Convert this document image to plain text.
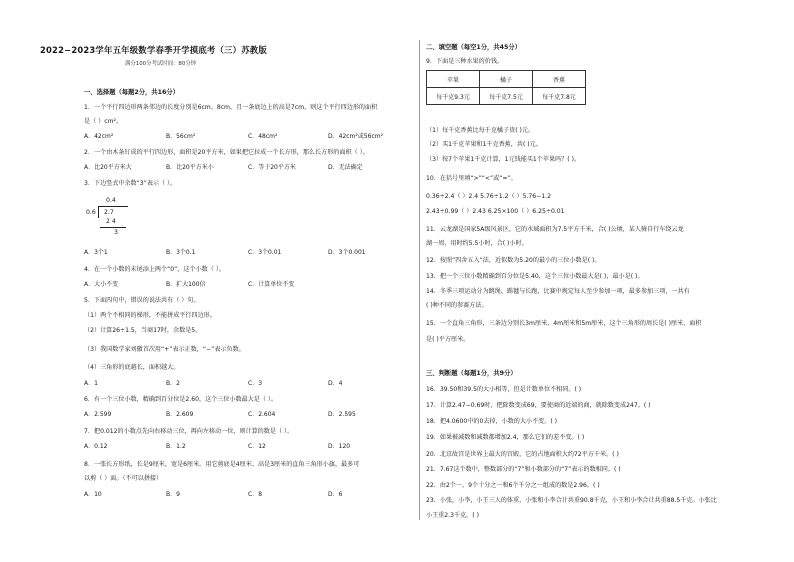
2022−2023学年五年级数学春季开学摸底考（三）苏教版
满分100分考试时间：80分钟
一、选择题（每题2分，共16分）
1．一个平行四边形两条邻边的长度分别是6cm、8cm，且一条底边上的高是7cm，则这个平行四边形的面积
是（ ）cm²。
A．42cm²	B．56cm²	C．48cm²	D．42cm²或56cm²
2．一个由木条钉成的平行四边形，面积是20平方米，如果把它拉成一个长方形，那么长方形的面积（ ）。
A．比20平方米大	B．比20平方米小	C．等于20平方米	D．无法确定
3．下边竖式中余数“3”表示（ ）。
0.4
0.6 2.7
2 4
3
A．3个1	B．3个0.1	C．3个0.01	D．3个0.001
4．在一个小数的末尾添上两个“0”，这个小数（ ）。
A．大小不变	B．扩大100倍	C．计算单位不变
5．下面四句中，错误的说法共有（ ）句。
（1）两个不相同的梯形，不能拼成平行四边形。
（2）计算26÷1.5，当商17时，余数是5。
（3）我国数学家刘徽首次用“+”表示正数，“−”表示负数。
（4）三角形的底越长，面积越大。
A．1	B．2	C．3	D．4
6．有一个三位小数，精确到百分位是2.60，这个三位小数最大是（ ）。
A．2.599	B．2.609	C．2.604	D．2.595
7．把0.012的小数点先向右移动三位，再向左移动一位，则计算的数是（ ）。
A．0.12	B．1.2	C．12	D．120
8．一张长方形纸，长是9厘米，宽是6厘米。用它剪底是4厘米、高是3厘米的直角三角形小旗，最多可
以剪（ ）面。（不可以拼接）
A．10	B．9	C．8	D．6
二、填空题（每空1分，共45分）
9．下面是三种水果的价钱。
苹果	橘子	香蕉
每千克9.3元	每千克7.5元	每千克7.8元
（1）每千克香蕉比每千克橘子贵( )元。
（2）买1千克苹果和1千克香蕉，共( )元。
（3）按7个苹果1千克计算，1元钱能买1个苹果吗？( )。
10．在括号里填“>”“<”或“=”。
0.36÷2.4（ ）2.4 5.76÷1.2（ ）5.76−1.2
2.43÷0.99（ ）2.43 6.25×100（ ）6.25÷0.01
11．云龙湖是国家5A级风景区，它的水域面积为7.5平方千米，合( )公顷，某人骑自行车绕云龙
湖一周，用时约5.5小时，合( )小时。
12．按照“四舍五入”法，近似数为5.20的最小的三位小数是( )。
13．把一个三位小数精确到百分位是5.40，这个三位小数最大是( )，最小是( )。
14．冬季三项运动分为跳绳、踢毽与长跑，比赛中规定每人至少参加一项，最多参加三项，一共有
( )种不同的参赛方法。
15．一个直角三角形，三条边分别长3m厘米、4m厘米和5m厘米，这个三角形的周长是( )厘米，面积
是( )平方厘米。
三、判断题（每题1分，共9分）
16．39.50和39.5的大小相等，但是计数单位不相同。( )
17．计算2.47−0.69时，把除数变成69，要使商的近端的商，就除数变成247。( )
18．把4.0600中的0去掉，小数的大小不变。( )
19．如果被减数和减数都增加2.4，那么它们的差不变。( )
20．北京故宫是世界上最大的宫殿，它的占地面积大约72平方千米。( )
21．7.67这个数中，整数部分的“7”和小数部分的“7”表示的数相同。( )
22．由2个一、9个十分之一和6个千分之一组成的数是2.96。( )
23．小张，小李，小王三人的体重，小张和小李合计共重90.8千克，小王和小李合计共重88.5千克。小张比
小王重2.3千克。( )
